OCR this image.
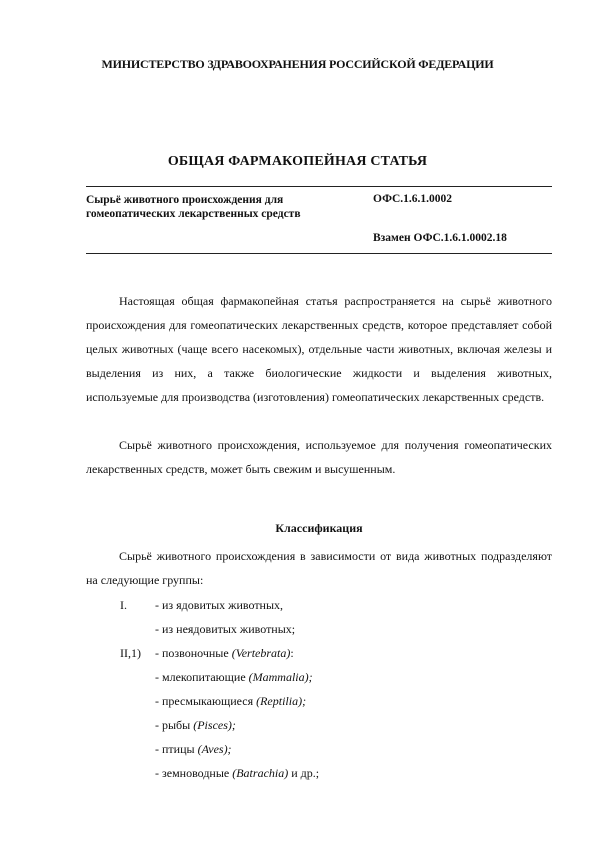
МИНИСТЕРСТВО ЗДРАВООХРАНЕНИЯ РОССИЙСКОЙ ФЕДЕРАЦИИ
ОБЩАЯ ФАРМАКОПЕЙНАЯ СТАТЬЯ
Сырьё животного происхождения для
гомеопатических лекарственных средств
ОФС.1.6.1.0002
Взамен ОФС.1.6.1.0002.18

Настоящая общая фармакопейная статья распространяется на сырьё животного происхождения для гомеопатических лекарственных средств, которое представляет собой целых животных (чаще всего насекомых), отдельные части животных, включая железы и выделения из них, а также биологические жидкости и выделения животных, используемые для производства (изготовления) гомеопатических лекарственных средств.

Сырьё животного происхождения, используемое для получения гомеопатических лекарственных средств, может быть свежим и высушенным.

Классификация

Сырьё животного происхождения в зависимости от вида животных подразделяют на следующие группы:

I. - из ядовитых животных,
- из неядовитых животных;
II,1) - позвоночные (Vertebrata):
- млекопитающие (Mammalia);
- пресмыкающиеся (Reptilia);
- рыбы (Pisces);
- птицы (Aves);
- земноводные (Batrachia) и др.;
